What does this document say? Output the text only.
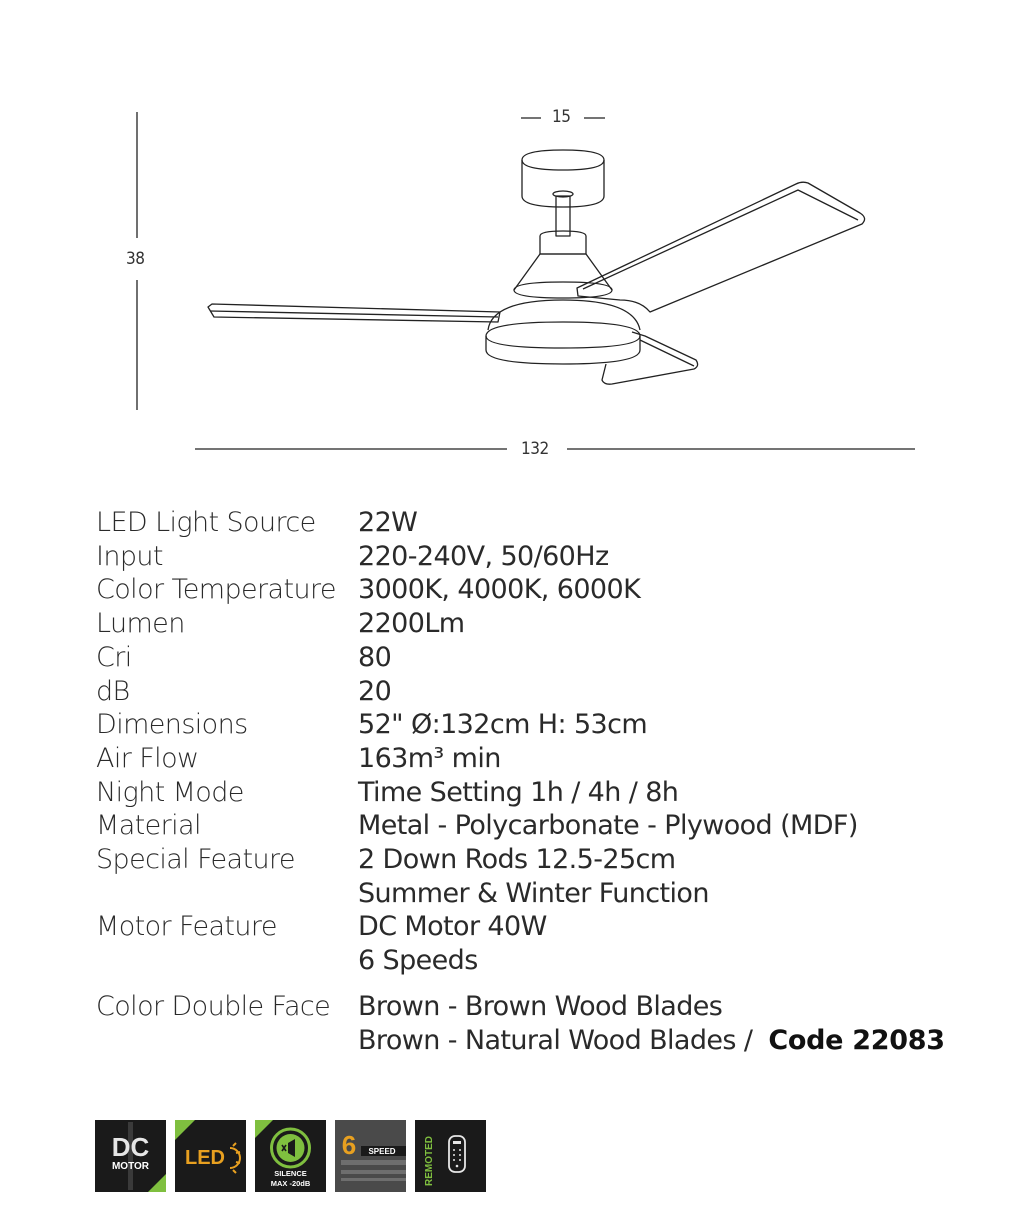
15
38
132
LED Light Source	22W
Input	220-240V, 50/60Hz
Color Temperature 3000K, 4000K, 6000K
Lumen	2200Lm
Cri	80
dB	20
Dimensions	52" Ø:132cm H: 53cm
Air Flow	163m³ min
Night Mode	Time Setting 1h / 4h / 8h
Material	Metal - Polycarbonate - Plywood (MDF)
Special Feature	2 Down Rods 12.5-25cm
Summer & Winter Function
Motor Feature	DC Motor 40W
6 Speeds
Color Double Face	Brown - Brown Wood Blades
Brown - Natural Wood Blades / Code 22083
DC
MOTOR LED
SILENCE
MAX -20dB
6 SPEED	REMOTED
